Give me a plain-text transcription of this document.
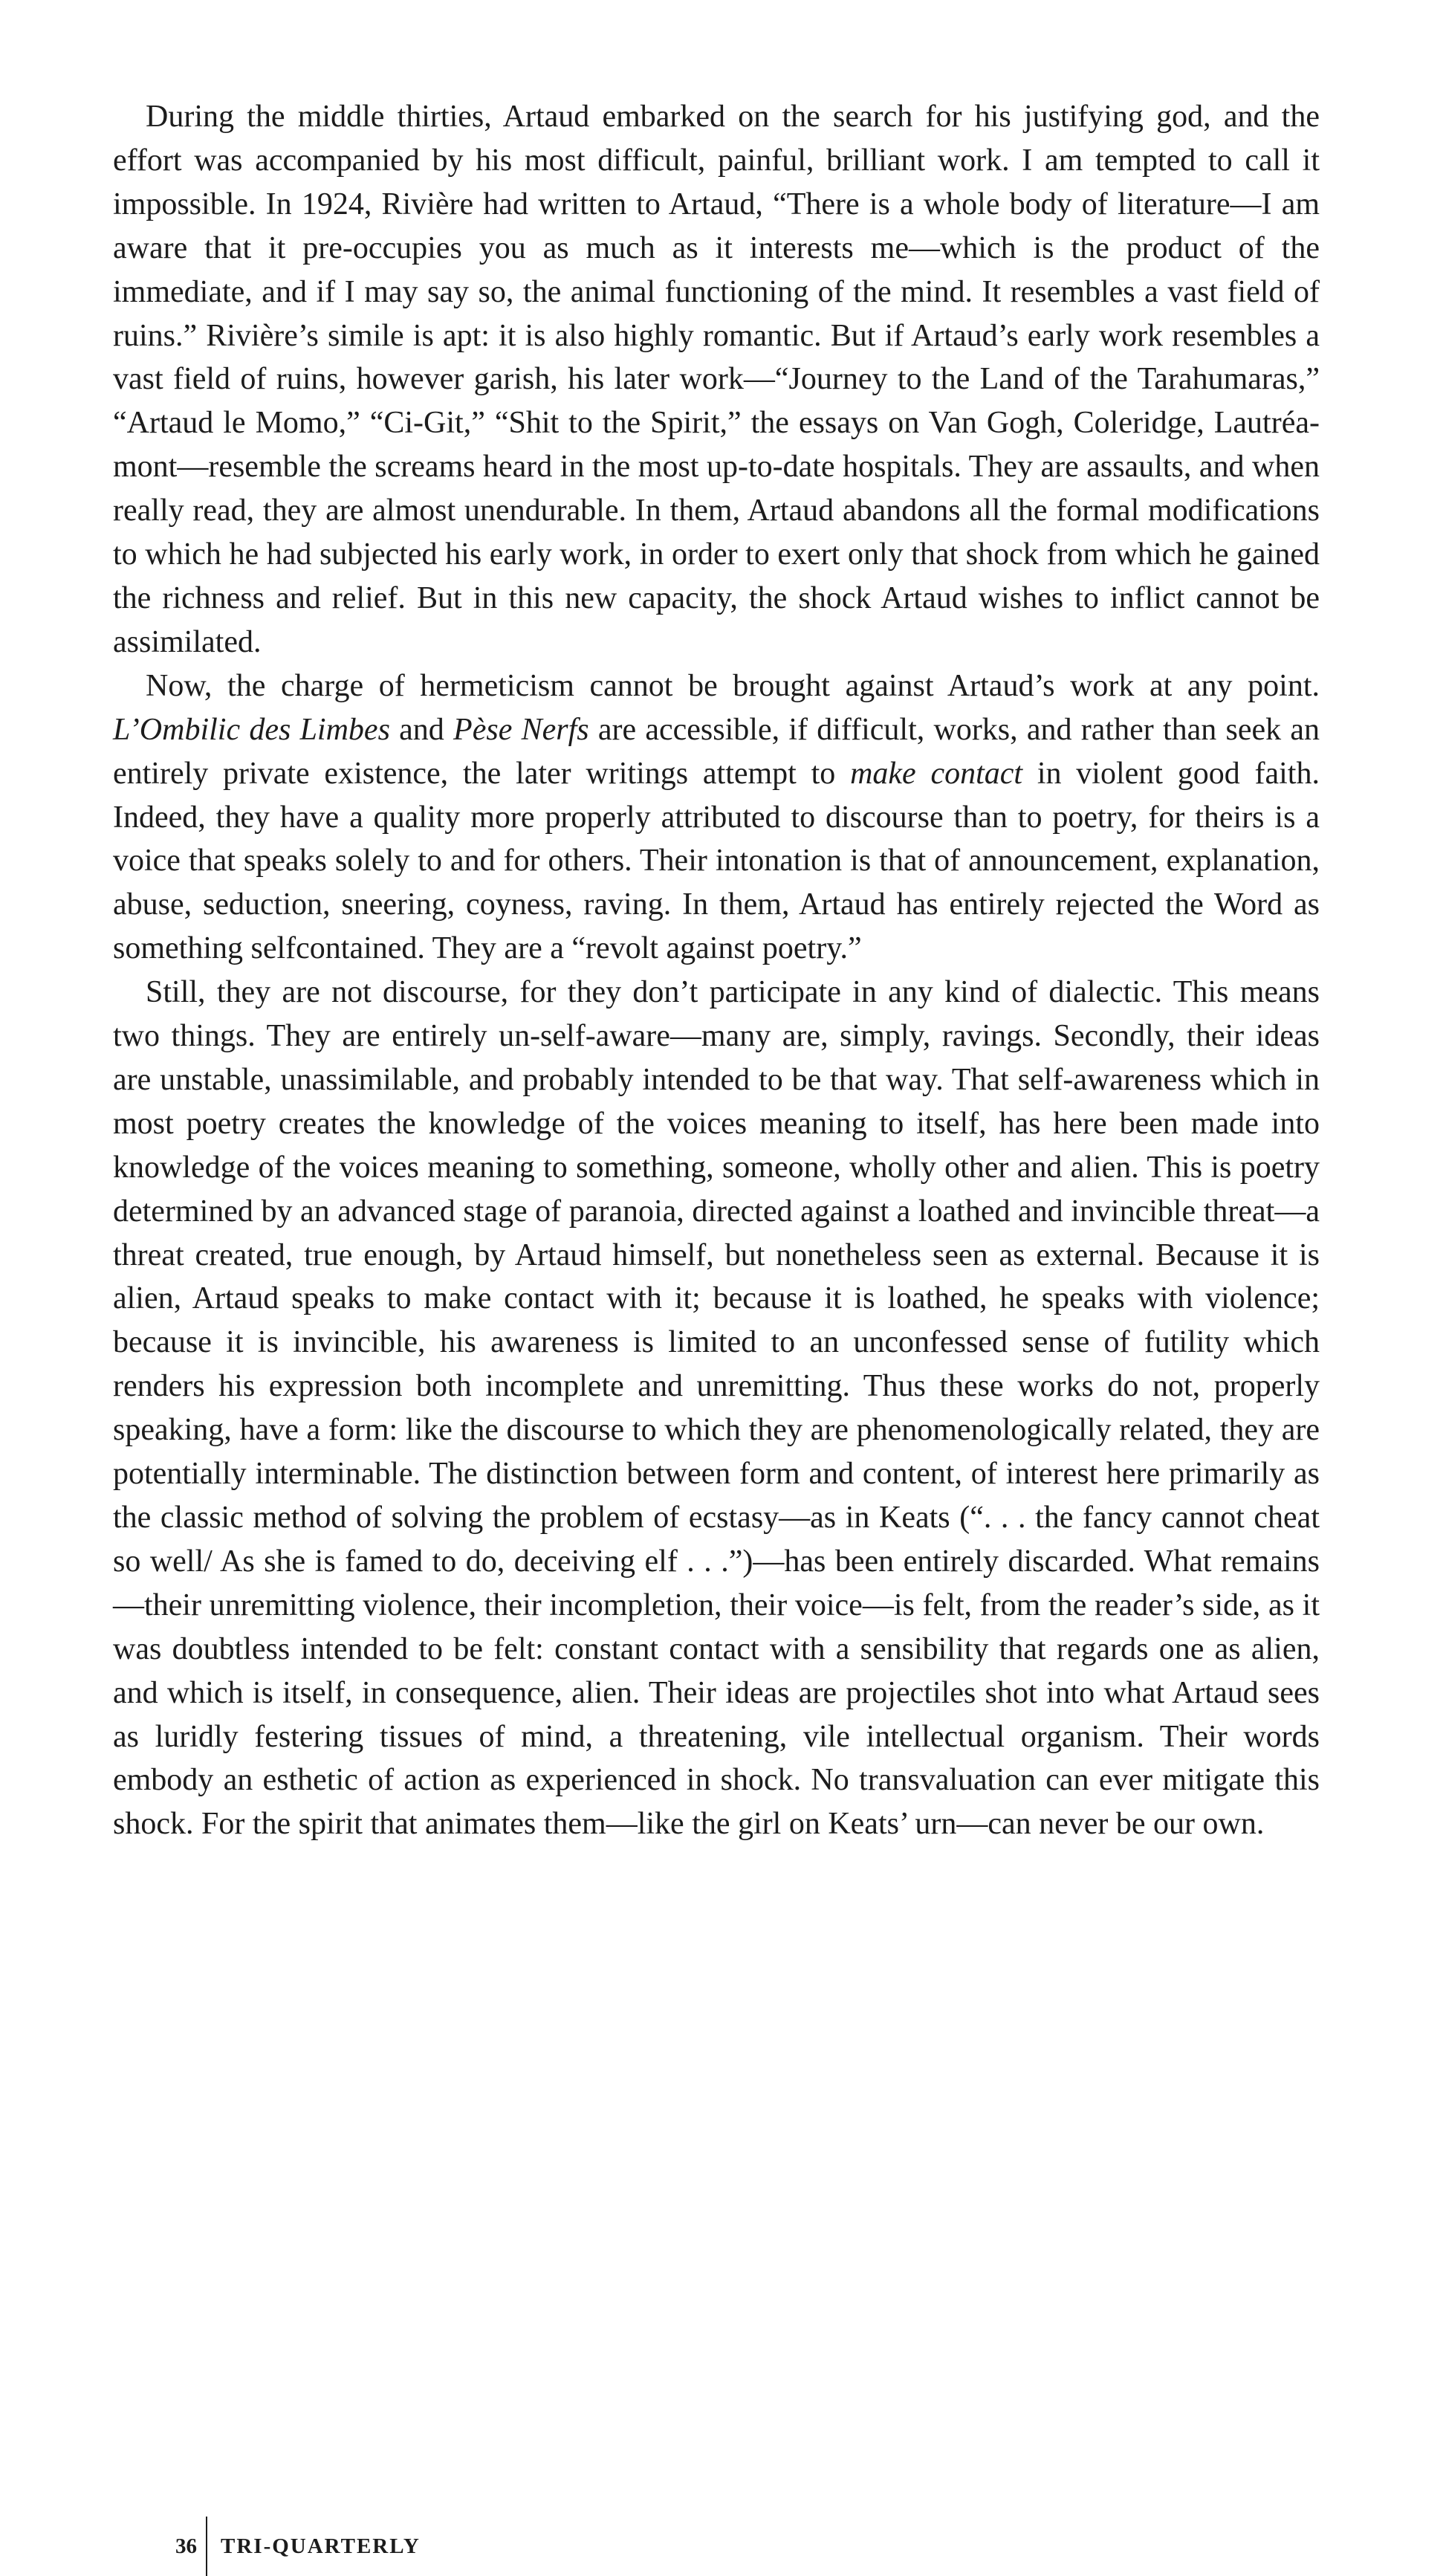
During the middle thirties, Artaud embarked on the search for his justifying god, and the effort was accompanied by his most difficult, painful, brilliant work. I am tempted to call it impossible. In 1924, Rivière had written to Artaud, “There is a whole body of literature—I am aware that it pre-occupies you as much as it interests me—which is the product of the immediate, and if I may say so, the animal functioning of the mind. It resembles a vast field of ruins.” Rivière’s simile is apt: it is also highly romantic. But if Artaud’s early work resembles a vast field of ruins, however garish, his later work—“Journey to the Land of the Tarahumaras,” “Artaud le Momo,” “Ci-Git,” “Shit to the Spirit,” the essays on Van Gogh, Coleridge, Lautréamont—resemble the screams heard in the most up-to-date hospitals. They are assaults, and when really read, they are almost unendurable. In them, Artaud abandons all the formal modifications to which he had subjected his early work, in order to exert only that shock from which he gained the richness and relief. But in this new capacity, the shock Artaud wishes to inflict cannot be assimilated.

Now, the charge of hermeticism cannot be brought against Artaud’s work at any point. L’Ombilic des Limbes and Pèse Nerfs are accessible, if difficult, works, and rather than seek an entirely private existence, the later writings attempt to make contact in violent good faith. Indeed, they have a quality more properly attributed to discourse than to poetry, for theirs is a voice that speaks solely to and for others. Their intonation is that of announcement, explanation, abuse, seduction, sneering, coyness, raving. In them, Artaud has entirely rejected the Word as something selfcontained. They are a “revolt against poetry.”

Still, they are not discourse, for they don’t participate in any kind of dialectic. This means two things. They are entirely un-self-aware—many are, simply, ravings. Secondly, their ideas are unstable, unassimilable, and probably intended to be that way. That self-awareness which in most poetry creates the knowledge of the voices meaning to itself, has here been made into knowledge of the voices meaning to something, someone, wholly other and alien. This is poetry determined by an advanced stage of paranoia, directed against a loathed and invincible threat—a threat created, true enough, by Artaud himself, but nonetheless seen as external. Because it is alien, Artaud speaks to make contact with it; because it is loathed, he speaks with violence; because it is invincible, his awareness is limited to an unconfessed sense of futility which renders his expression both incomplete and unremitting. Thus these works do not, properly speaking, have a form: like the discourse to which they are phenomenologically related, they are potentially interminable. The distinction between form and content, of interest here primarily as the classic method of solving the problem of ecstasy—as in Keats (“. . . the fancy cannot cheat so well/ As she is famed to do, deceiving elf . . .”)—has been entirely discarded. What remains—their unremitting violence, their incompletion, their voice—is felt, from the reader’s side, as it was doubtless intended to be felt: constant contact with a sensibility that regards one as alien, and which is itself, in consequence, alien. Their ideas are projectiles shot into what Artaud sees as luridly festering tissues of mind, a threatening, vile intellectual organism. Their words embody an esthetic of action as experienced in shock. No transvaluation can ever mitigate this shock. For the spirit that animates them—like the girl on Keats’ urn—can never be our own.

36 TRI-QUARTERLY
